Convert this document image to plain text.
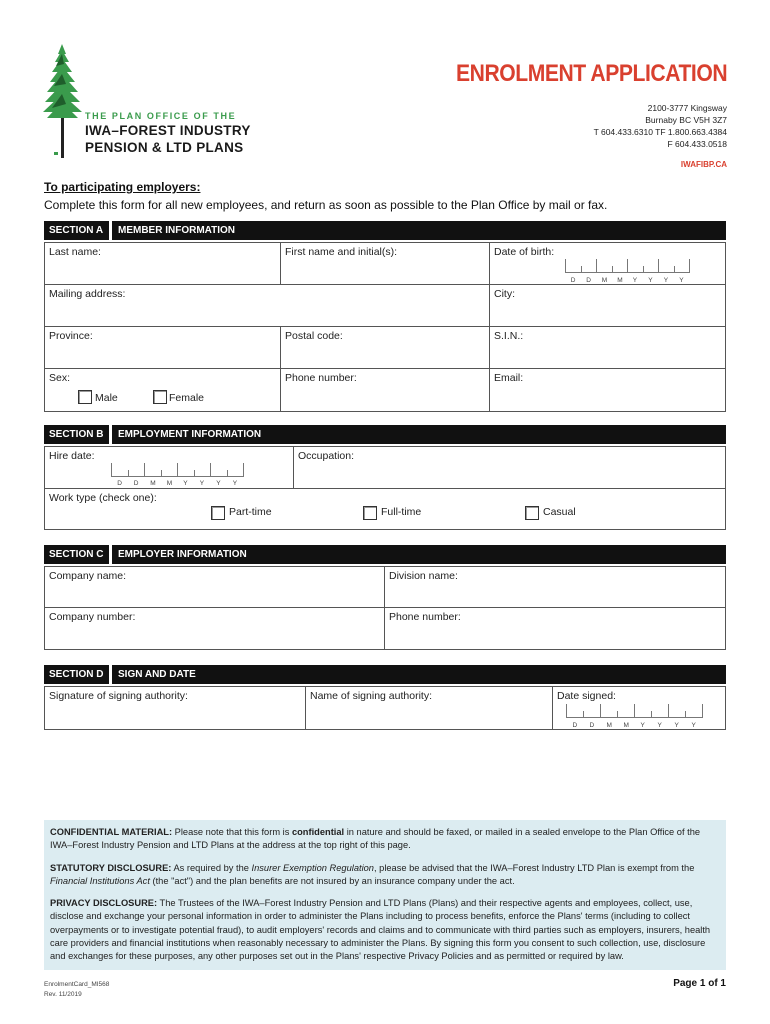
THE PLAN OFFICE OF THE
IWA–FOREST INDUSTRY
PENSION & LTD PLANS
ENROLMENT APPLICATION
2100-3777 Kingsway
Burnaby BC V5H 3Z7
T 604.433.6310 TF 1.800.663.4384
F 604.433.0518
IWAFIBP.CA
To participating employers:
Complete this form for all new employees, and return as soon as possible to the Plan Office by mail or fax.
SECTION A MEMBER INFORMATION
Last name:	First name and initial(s):	Date of birth:
D D M M Y Y Y Y
Mailing address:	City:
Province:	Postal code:	S.I.N.:
Sex:
Male	Female
Phone number:	Email:
SECTION B EMPLOYMENT INFORMATION
Hire date:
D D M M Y Y Y Y
Occupation:
Work type (check one):
Part-time	Full-time	Casual
SECTION C EMPLOYER INFORMATION
Company name:	Division name:
Company number:	Phone number:
SECTION D SIGN AND DATE
Signature of signing authority:	Name of signing authority:	Date signed:
D D M M Y Y Y Y

CONFIDENTIAL MATERIAL: Please note that this form is confidential in nature and should be faxed, or mailed in a sealed envelope to the Plan Office of the IWA–Forest Industry Pension and LTD Plans at the address at the top right of this page.

STATUTORY DISCLOSURE: As required by the Insurer Exemption Regulation, please be advised that the IWA–Forest Industry LTD Plan is exempt from the Financial Institutions Act (the "act") and the plan benefits are not insured by an insurance company under the act.

PRIVACY DISCLOSURE: The Trustees of the IWA–Forest Industry Pension and LTD Plans (Plans) and their respective agents and employees, collect, use, disclose and exchange your personal information in order to administer the Plans including to process benefits, enforce the Plans' terms (including to collect overpayments or to investigate potential fraud), to audit employers' records and claims and to communicate with third parties such as employers, insurers, health care providers and financial institutions when reasonably necessary to administer the Plans. By signing this form you consent to such collection, use, disclosure and exchanges for these purposes, any other purposes set out in the Plans' respective Privacy Policies and as permitted or required by law.

EnrolmentCard_MI568
Rev. 11/2019
Page 1 of 1
